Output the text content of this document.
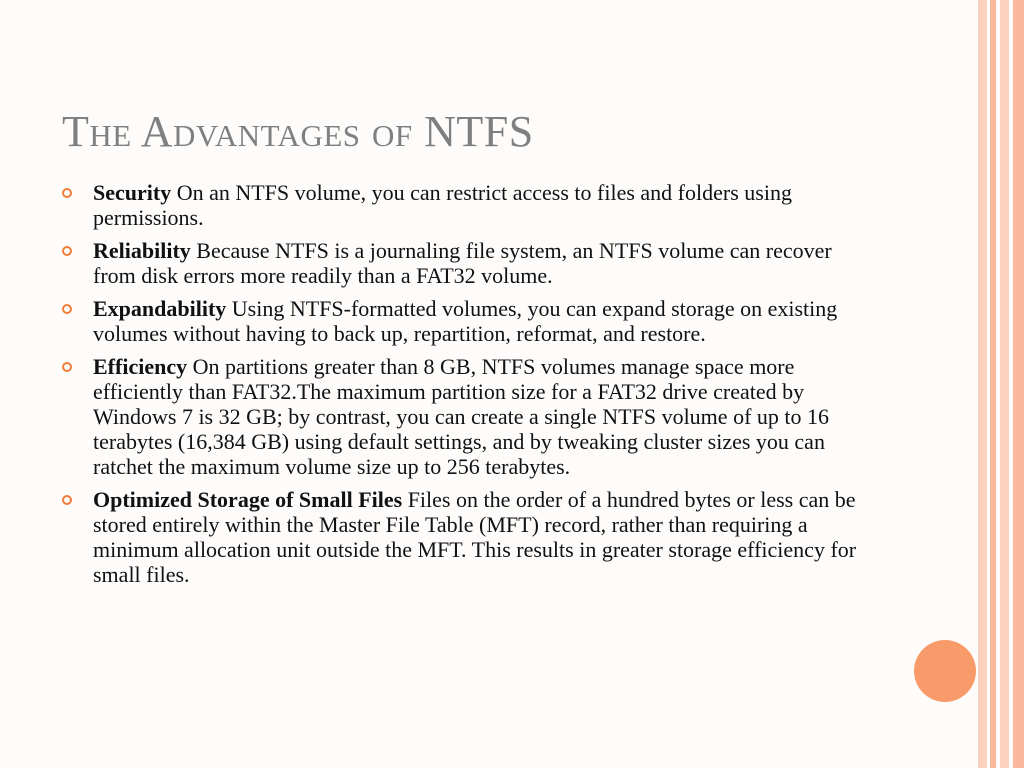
The Advantages of NTFS
Security On an NTFS volume, you can restrict access to files and folders using permissions.
Reliability Because NTFS is a journaling file system, an NTFS volume can recover from disk errors more readily than a FAT32 volume.
Expandability Using NTFS-formatted volumes, you can expand storage on existing volumes without having to back up, repartition, reformat, and restore.
Efficiency On partitions greater than 8 GB, NTFS volumes manage space more efficiently than FAT32.The maximum partition size for a FAT32 drive created by Windows 7 is 32 GB; by contrast, you can create a single NTFS volume of up to 16 terabytes (16,384 GB) using default settings, and by tweaking cluster sizes you can ratchet the maximum volume size up to 256 terabytes.
Optimized Storage of Small Files Files on the order of a hundred bytes or less can be stored entirely within the Master File Table (MFT) record, rather than requiring a minimum allocation unit outside the MFT. This results in greater storage efficiency for small files.
